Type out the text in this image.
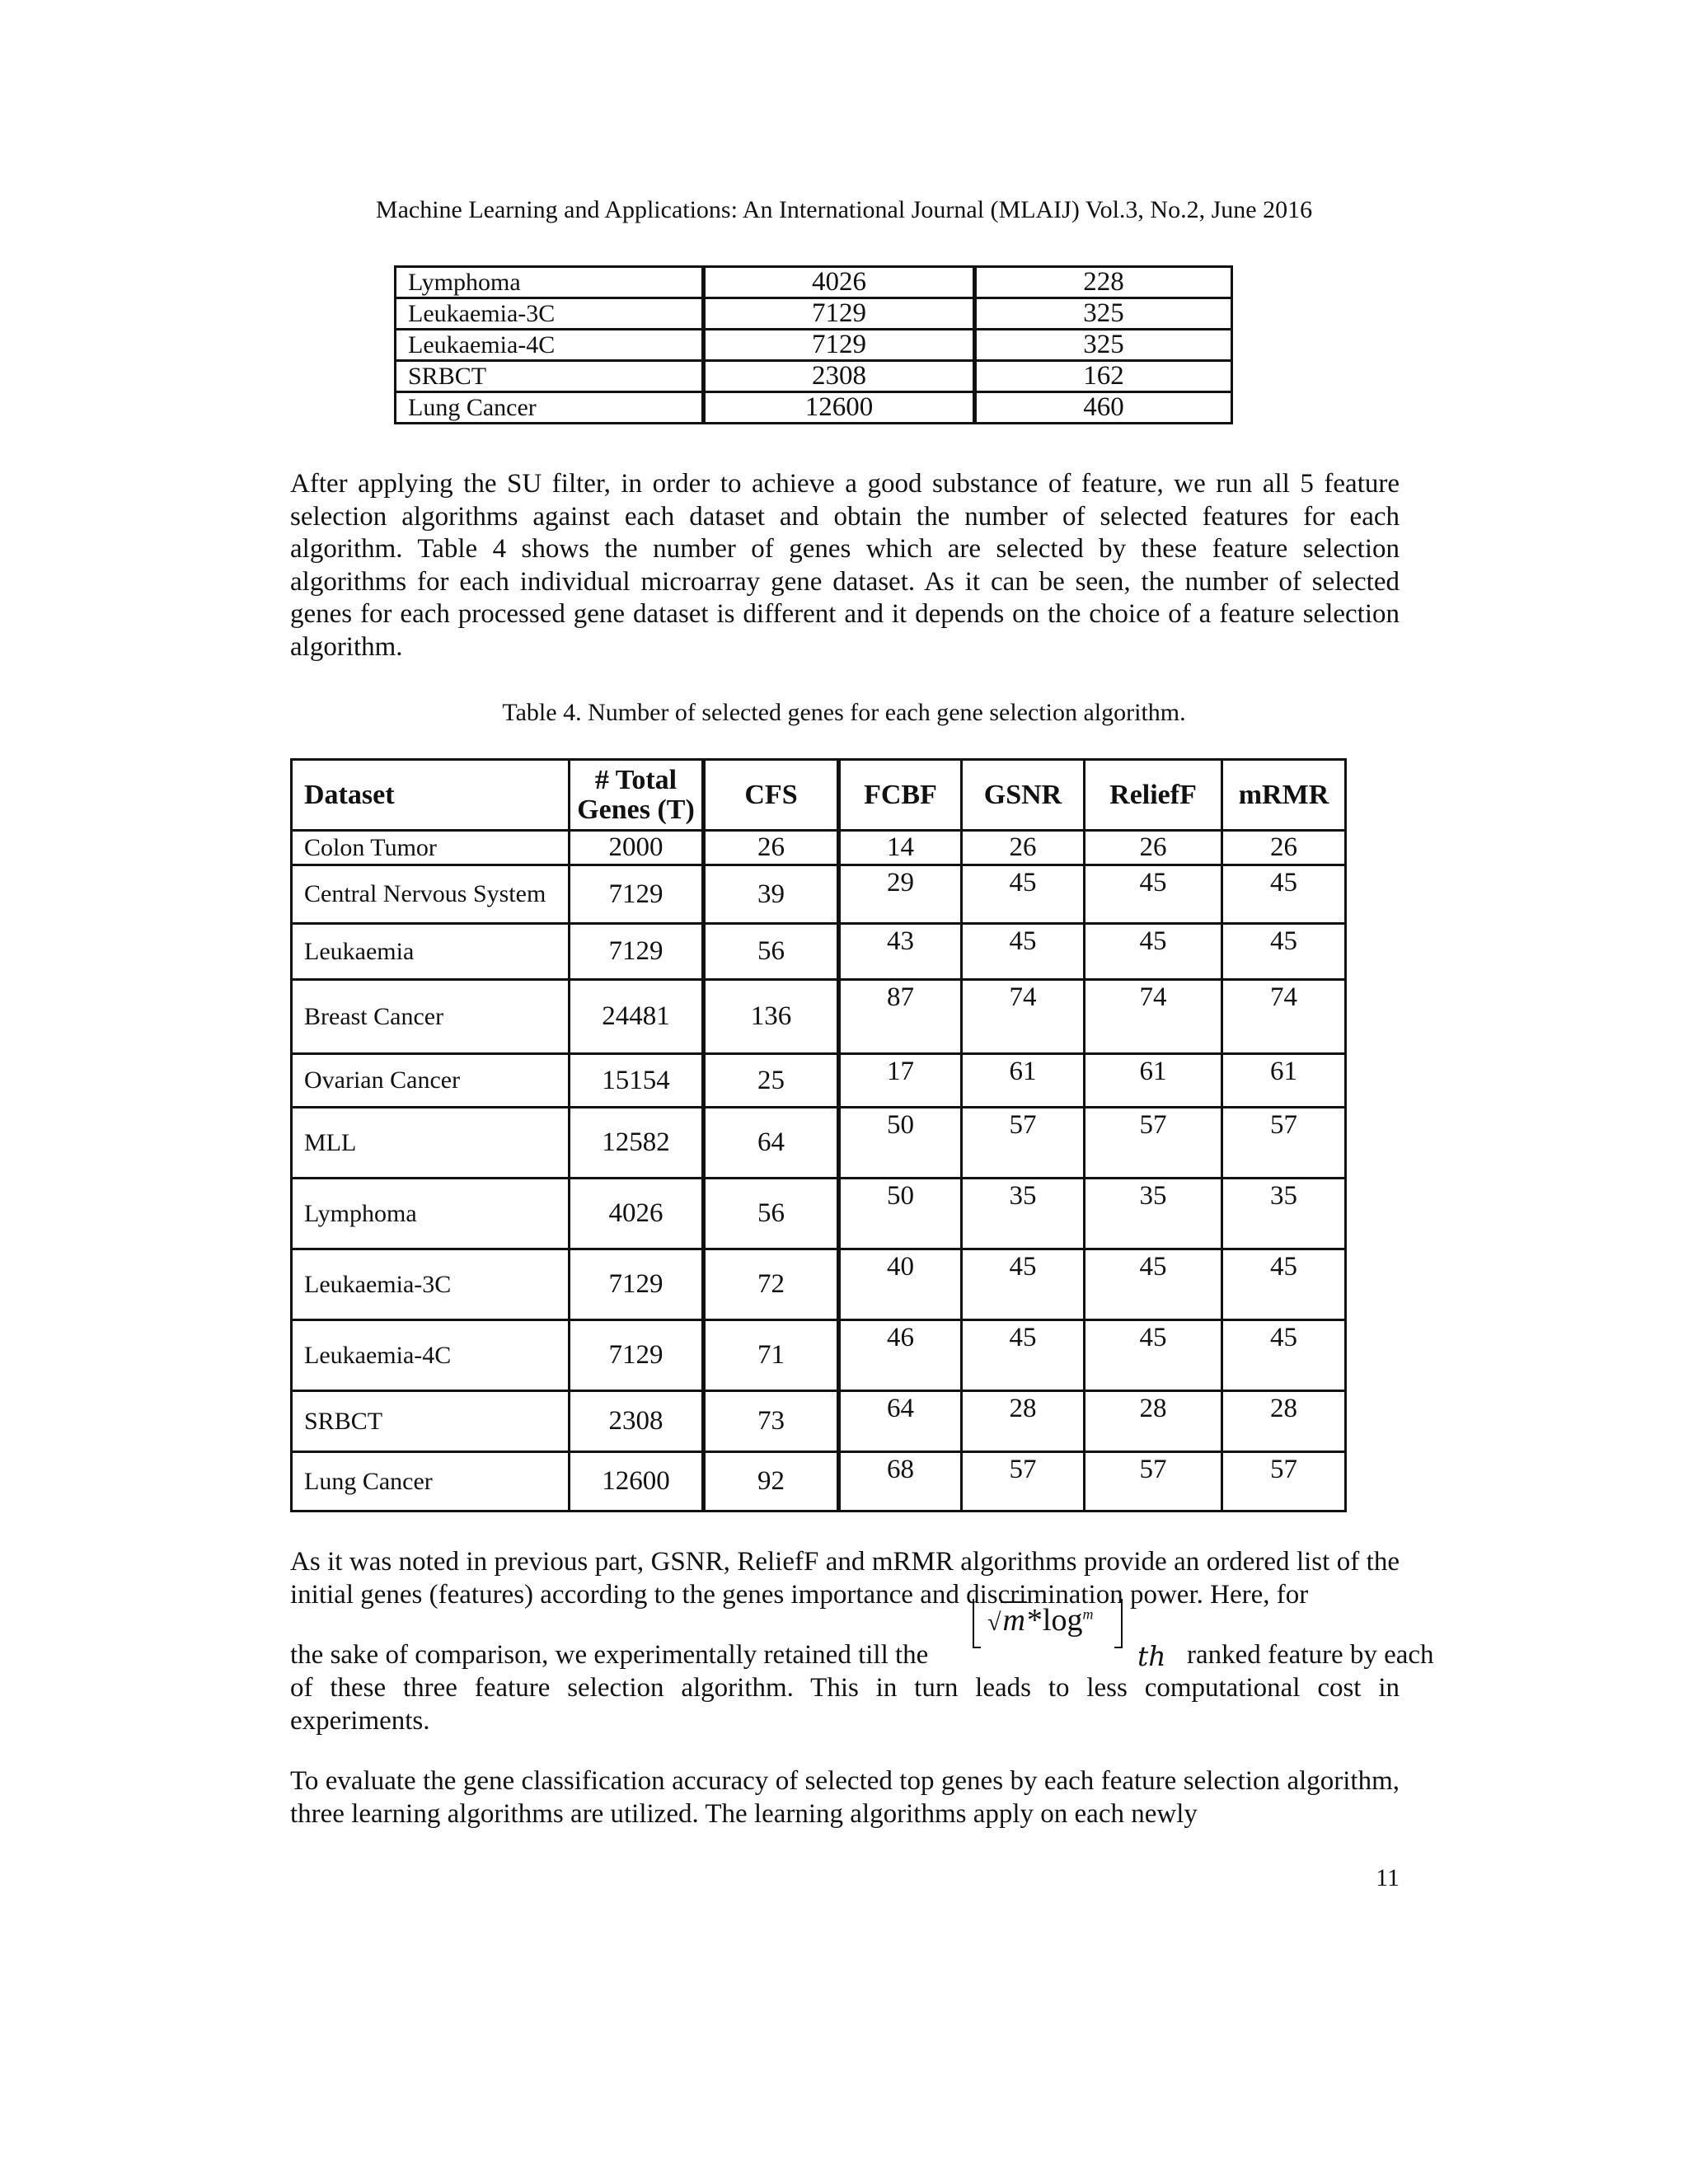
Machine Learning and Applications: An International Journal (MLAIJ) Vol.3, No.2, June 2016
Lymphoma	4026	228
Leukaemia-3C	7129	325
Leukaemia-4C	7129	325
SRBCT	2308	162
Lung Cancer	12600	460

After applying the SU filter, in order to achieve a good substance of feature, we run all 5 feature selection algorithms against each dataset and obtain the number of selected features for each algorithm. Table 4 shows the number of genes which are selected by these feature selection algorithms for each individual microarray gene dataset. As it can be seen, the number of selected genes for each processed gene dataset is different and it depends on the choice of a feature selection algorithm.

Table 4. Number of selected genes for each gene selection algorithm.
Dataset	# Total Genes (T)	CFS	FCBF	GSNR	ReliefF	mRMR
Colon Tumor	2000	26	14	26	26	26
Central Nervous System	7129	39	29	45	45	45
Leukaemia	7129	56	43	45	45	45
Breast Cancer	24481	136	87	74	74	74
Ovarian Cancer	15154	25	17	61	61	61
MLL	12582	64	50	57	57	57
Lymphoma	4026	56	50	35	35	35
Leukaemia-3C	7129	72	40	45	45	45
Leukaemia-4C	7129	71	46	45	45	45
SRBCT	2308	73	64	28	28	28
Lung Cancer	12600	92	68	57	57	57

As it was noted in previous part, GSNR, ReliefF and mRMR algorithms provide an ordered list of the initial genes (features) according to the genes importance and discrimination power. Here, for

the sake of comparison, we experimentally retained till the
$√m*\log^m$
th ranked feature by each

of these three feature selection algorithm. This in turn leads to less computational cost in experiments.

To evaluate the gene classification accuracy of selected top genes by each feature selection algorithm, three learning algorithms are utilized. The learning algorithms apply on each newly

11
